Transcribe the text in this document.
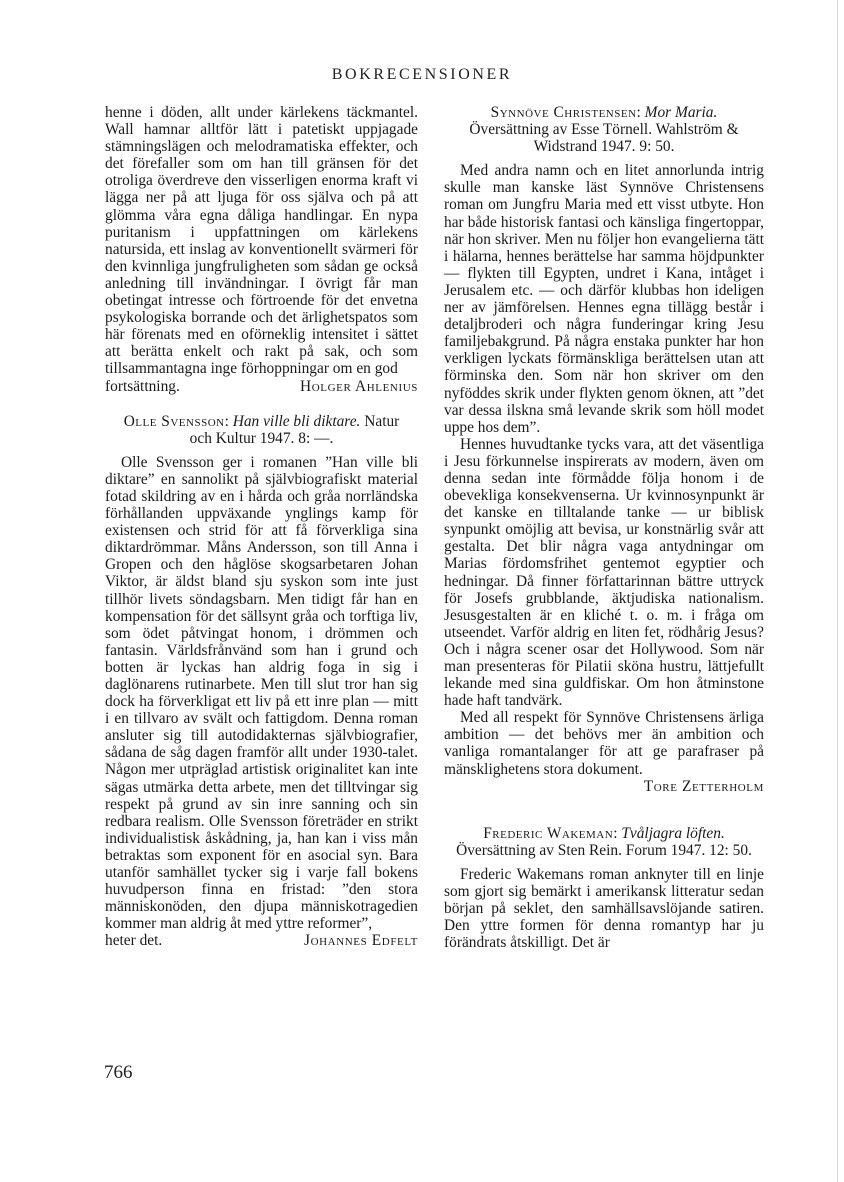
BOKRECENSIONER

henne i döden, allt under kärlekens täckmantel. Wall hamnar alltför lätt i patetiskt uppjagade stämningslägen och melodramatiska effekter, och det förefaller som om han till gränsen för det otroliga överdreve den visserligen enorma kraft vi lägga ner på att ljuga för oss själva och på att glömma våra egna dåliga handlingar. En nypa puritanism i uppfattningen om kärlekens natursida, ett inslag av konventionellt svärmeri för den kvinnliga jungfruligheten som sådan ge också anledning till invändningar. I övrigt får man obetingat intresse och förtroende för det envetna psykologiska borrande och det ärlighetspatos som här förenats med en oförneklig intensitet i sättet att berätta enkelt och rakt på sak, och som tillsammantagna inge förhoppningar om en god

fortsättning.	Holger Ahlenius
Olle Svensson: Han ville bli diktare. Natur och Kultur 1947. 8: —.

Olle Svensson ger i romanen ”Han ville bli diktare” en sannolikt på självbiografiskt material fotad skildring av en i hårda och gråa norrländska förhållanden uppväxande ynglings kamp för existensen och strid för att få förverkliga sina diktardrömmar. Måns Andersson, son till Anna i Gropen och den håglöse skogsarbetaren Johan Viktor, är äldst bland sju syskon som inte just tillhör livets söndagsbarn. Men tidigt får han en kompensation för det sällsynt gråa och torftiga liv, som ödet påtvingat honom, i drömmen och fantasin. Världsfrånvänd som han i grund och botten är lyckas han aldrig foga in sig i daglönarens rutinarbete. Men till slut tror han sig dock ha förverkligat ett liv på ett inre plan — mitt i en tillvaro av svält och fattigdom. Denna roman ansluter sig till autodidakternas självbiografier, sådana de såg dagen framför allt under 1930-talet. Någon mer utpräglad artistisk originalitet kan inte sägas utmärka detta arbete, men det tilltvingar sig respekt på grund av sin inre sanning och sin redbara realism. Olle Svensson företräder en strikt individualistisk åskådning, ja, han kan i viss mån betraktas som exponent för en asocial syn. Bara utanför samhället tycker sig i varje fall bokens huvudperson finna en fristad: ”den stora människonöden, den djupa människotragedien kommer man aldrig åt med yttre reformer”,

heter det.	Johannes Edfelt
Synnöve Christensen: Mor Maria. Översättning av Esse Törnell. Wahlström & Widstrand 1947. 9: 50.

Med andra namn och en litet annorlunda intrig skulle man kanske läst Synnöve Christensens roman om Jungfru Maria med ett visst utbyte. Hon har både historisk fantasi och känsliga fingertoppar, när hon skriver. Men nu följer hon evangelierna tätt i hälarna, hennes berättelse har samma höjdpunkter — flykten till Egypten, undret i Kana, intåget i Jerusalem etc. — och därför klubbas hon ideligen ner av jämförelsen. Hennes egna tillägg består i detaljbroderi och några funderingar kring Jesu familjebakgrund. På några enstaka punkter har hon verkligen lyckats förmänskliga berättelsen utan att förminska den. Som när hon skriver om den nyföddes skrik under flykten genom öknen, att ”det var dessa ilskna små levande skrik som höll modet uppe hos dem”.

Hennes huvudtanke tycks vara, att det väsentliga i Jesu förkunnelse inspirerats av modern, även om denna sedan inte förmådde följa honom i de obevekliga konsekvenserna. Ur kvinnosynpunkt är det kanske en tilltalande tanke — ur biblisk synpunkt omöjlig att bevisa, ur konstnärlig svår att gestalta. Det blir några vaga antydningar om Marias fördomsfrihet gentemot egyptier och hedningar. Då finner författarinnan bättre uttryck för Josefs grubblande, äktjudiska nationalism. Jesusgestalten är en kliché t. o. m. i fråga om utseendet. Varför aldrig en liten fet, rödhårig Jesus? Och i några scener osar det Hollywood. Som när man presenteras för Pilatii sköna hustru, lättjefullt lekande med sina guldfiskar. Om hon åtminstone hade haft tandvärk.

Med all respekt för Synnöve Christensens ärliga ambition — det behövs mer än ambition och vanliga romantalanger för att ge parafraser på mänsklighetens stora dokument.

Tore Zetterholm
Frederic Wakeman: Tvåljagra löften. Översättning av Sten Rein. Forum 1947. 12: 50.

Frederic Wakemans roman anknyter till en linje som gjort sig bemärkt i amerikansk litteratur sedan början på seklet, den samhällsavslöjande satiren. Den yttre formen för denna romantyp har ju förändrats åtskilligt. Det är

766
